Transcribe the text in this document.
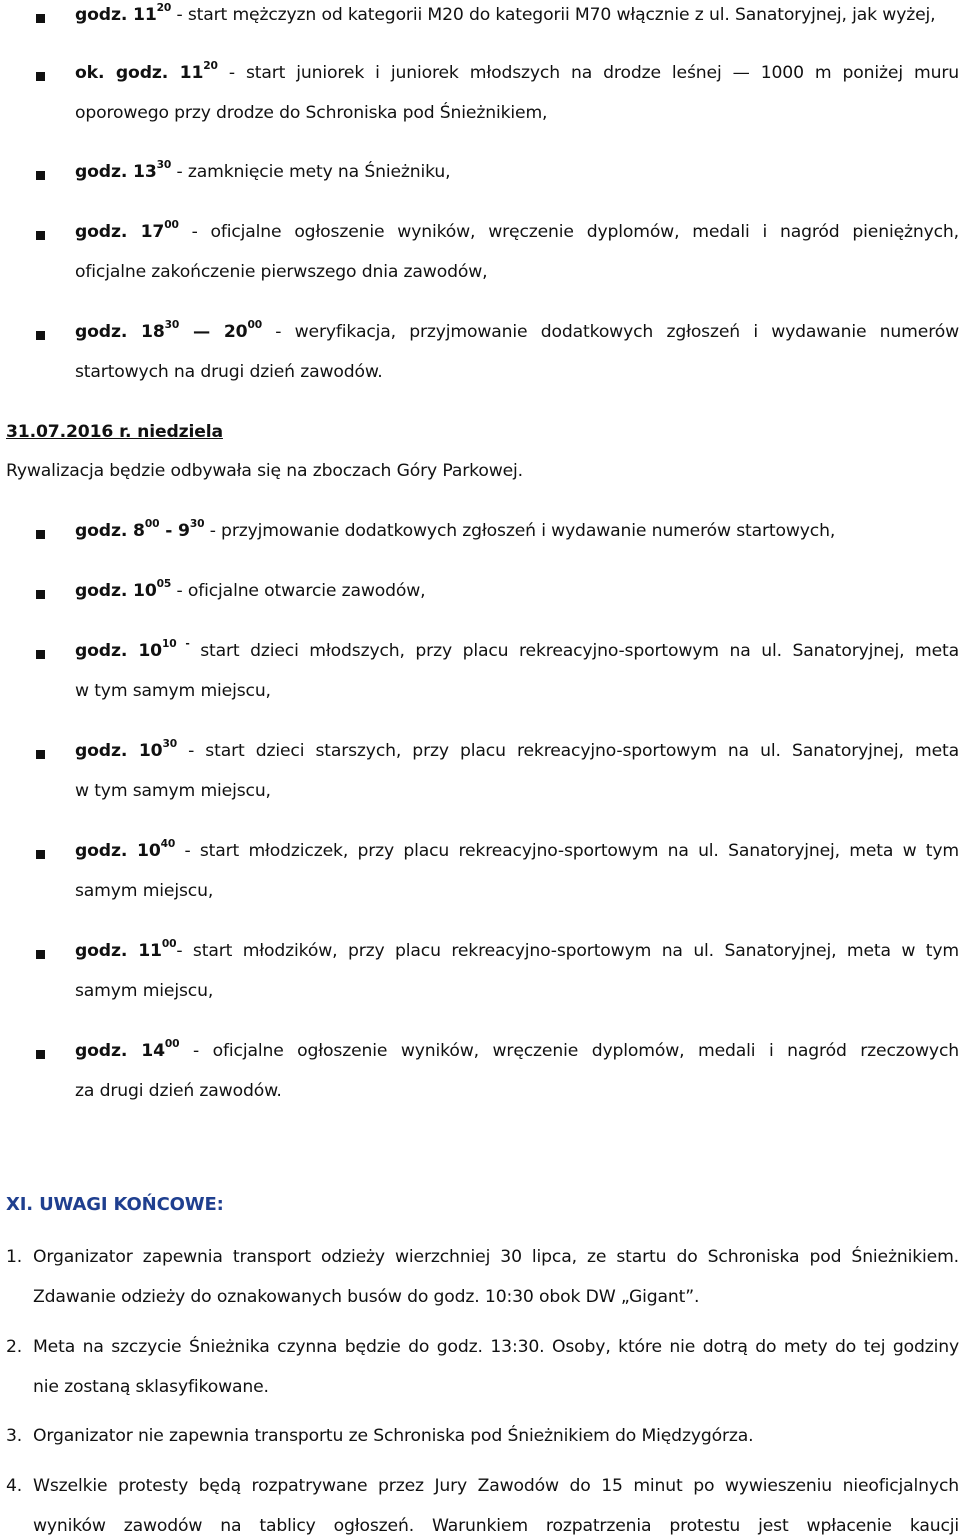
godz. $11^{20}$ - start mężczyzn od kategorii M20 do kategorii M70 włącznie z ul. Sanatoryjnej, jak wyżej,
ok. godz. $11^{20}$ - start juniorek i juniorek młodszych na drodze leśnej — 1000 m poniżej muru
oporowego przy drodze do Schroniska pod Śnieżnikiem,
godz. $13^{30}$ - zamknięcie mety na Śnieżniku,
godz. $17^{00}$ - oficjalne ogłoszenie wyników, wręczenie dyplomów, medali i nagród pieniężnych,
oficjalne zakończenie pierwszego dnia zawodów,
godz. $18^{30}$ — $20^{00}$ - weryfikacja, przyjmowanie dodatkowych zgłoszeń i wydawanie numerów
startowych na drugi dzień zawodów.
31.07.2016 r. niedziela
Rywalizacja będzie odbywała się na zboczach Góry Parkowej.
godz. $8^{00} - 9^{30}$ - przyjmowanie dodatkowych zgłoszeń i wydawanie numerów startowych,
godz. $10^{05}$ - oficjalne otwarcie zawodów,
godz. $10^{10 -}$ start dzieci młodszych, przy placu rekreacyjno-sportowym na ul. Sanatoryjnej, meta
w tym samym miejscu,
godz. $10^{30}$ - start dzieci starszych, przy placu rekreacyjno-sportowym na ul. Sanatoryjnej, meta
w tym samym miejscu,
godz. $10^{40}$ - start młodziczek, przy placu rekreacyjno-sportowym na ul. Sanatoryjnej, meta w tym
samym miejscu,
godz. $11^{00}-$ start młodzików, przy placu rekreacyjno-sportowym na ul. Sanatoryjnej, meta w tym
samym miejscu,
godz. $14^{00}$ - oficjalne ogłoszenie wyników, wręczenie dyplomów, medali i nagród rzeczowych
za drugi dzień zawodów.
XI. UWAGI KOŃCOWE:
1. Organizator zapewnia transport odzieży wierzchniej 30 lipca, ze startu do Schroniska pod Śnieżnikiem.
Zdawanie odzieży do oznakowanych busów do godz. 10:30 obok DW „Gigant”.
2. Meta na szczycie Śnieżnika czynna będzie do godz. 13:30. Osoby, które nie dotrą do mety do tej godziny
nie zostaną sklasyfikowane.
3. Organizator nie zapewnia transportu ze Schroniska pod Śnieżnikiem do Międzygórza.
4. Wszelkie protesty będą rozpatrywane przez Jury Zawodów do 15 minut po wywieszeniu nieoficjalnych
wyników zawodów na tablicy ogłoszeń. Warunkiem rozpatrzenia protestu jest wpłacenie kaucji
